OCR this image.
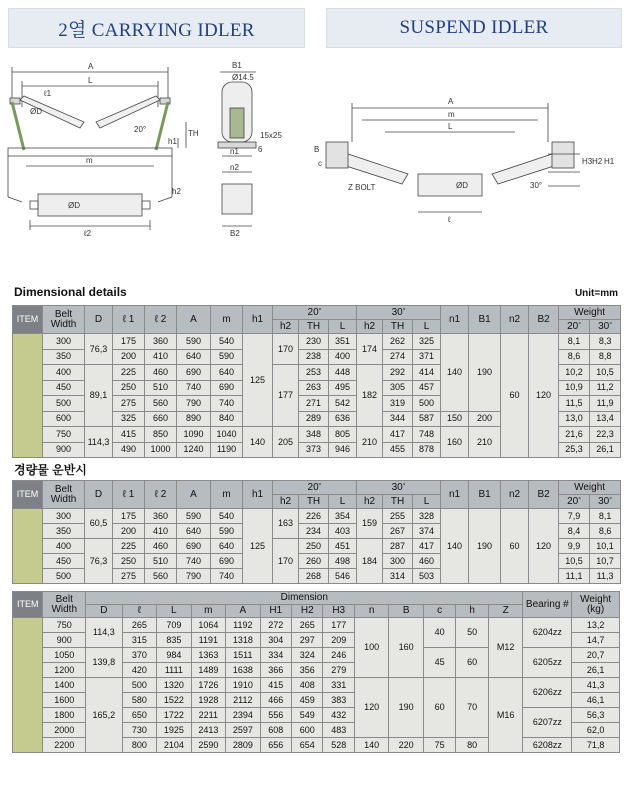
2열 CARRYING IDLER	SUSPEND IDLER
A
L
ℓ1
ØD
20°	TH
h1
m
h2
ØD
ℓ2
B1
Ø14.5
15x25
n1 6
n2
B2
A
m
L
B
c
Z BOLT	ØD
ℓ
30°
H3 H2 H1
Dimensional details	Unit=mm
ITEM	Belt Width	D	ℓ 1	ℓ 2	A	m	h1	20°			30°			n1	B1	n2	B2	Weight	
								h2	TH	L	h2	TH	L					20°	30°
	300	76,3	175	360	590	540	125	170	230	351	174	262	325	140	190	60	120	8,1	8,3
	350		200	410	640	590			238	400		274	371					8,6	8,8
	400	89,1	225	460	690	640		177	253	448	182	292	414					10,2	10,5
	450		250	510	740	690			263	495		305	457					10,9	11,2
	500		275	560	790	740			271	542		319	500					11,5	11,9
	600		325	660	890	840			289	636		344	587	150	200			13,0	13,4
	750	114,3	415	850	1090	1040	140	205	348	805	210	417	748	160	210			21,6	22,3
	900		490	1000	1240	1190			373	946		455	878					25,3	26,1
경량물 운반시
ITEM	Belt Width	D	ℓ 1	ℓ 2	A	m	h1	20°			30°			n1	B1	n2	B2	Weight	
								h2	TH	L	h2	TH	L					20°	30°
	300	60,5	175	360	590	540	125	163	226	354	159	255	328	140	190	60	120	7,9	8,1
	350		200	410	640	590			234	403		267	374					8,4	8,6
	400	76,3	225	460	690	640		170	250	451	184	287	417					9,9	10,1
	450		250	510	740	690			260	498		300	460					10,5	10,7
	500		275	560	790	740			268	546		314	503					11,1	11,3
ITEM	Belt Width	Dimension													Bearing #	Weight (kg)
		D	ℓ	L	m	A	H1	H2	H3	n	B	c	h	Z		
	750	114,3	265	709	1064	1192	272	265	177	100	160	40	50	M12	6204zz	13,2
	900		315	835	1191	1318	304	297	209							14,7
	1050	139,8	370	984	1363	1511	334	324	246			45	60		6205zz	20,7
	1200		420	1111	1489	1638	366	356	279							26,1
	1400	165,2	500	1320	1726	1910	415	408	331	120	190	60	70	M16	6206zz	41,3
	1600		580	1522	1928	2112	466	459	383							46,1
	1800		650	1722	2211	2394	556	549	432						6207zz	56,3
	2000		730	1925	2413	2597	608	600	483							62,0
	2200		800	2104	2590	2809	656	654	528	140	220	75	80		6208zz	71,8
